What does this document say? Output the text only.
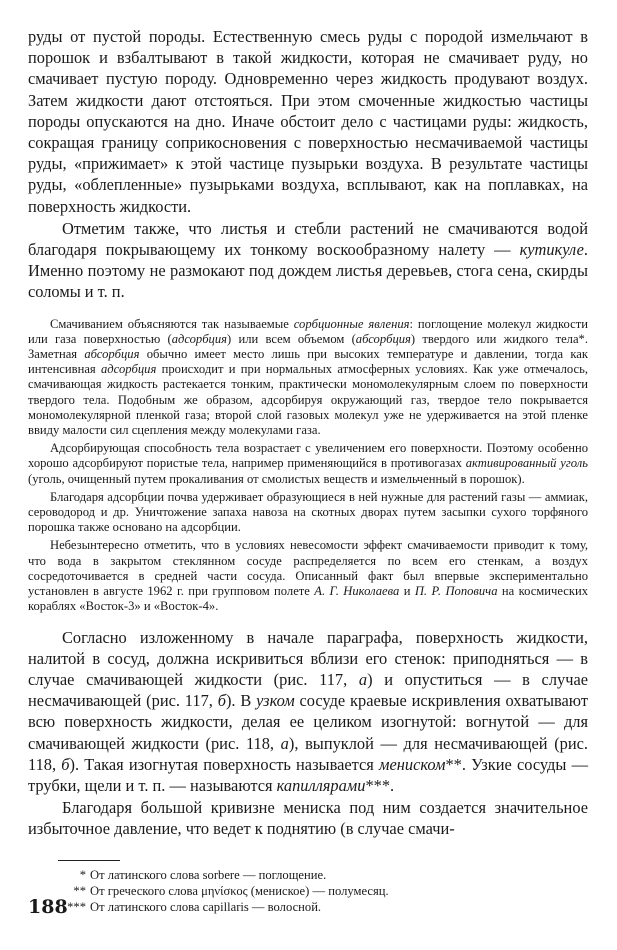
руды от пустой породы. Естественную смесь руды с породой измельчают в порошок и взбалтывают в такой жидкости, которая не смачивает руду, но смачивает пустую породу. Одновременно через жидкость продувают воздух. Затем жидкости дают отстояться. При этом смоченные жидкостью частицы породы опускаются на дно. Иначе обстоит дело с частицами руды: жидкость, сокращая границу соприкосновения с поверхностью несмачиваемой частицы руды, «прижимает» к этой частице пузырьки воздуха. В результате частицы руды, «облепленные» пузырьками воздуха, всплывают, как на поплавках, на поверхность жидкости.

Отметим также, что листья и стебли растений не смачиваются водой благодаря покрывающему их тонкому воскообразному налету — кутикуле. Именно поэтому не размокают под дождем листья деревьев, стога сена, скирды соломы и т. п.

Смачиванием объясняются так называемые сорбционные явления: поглощение молекул жидкости или газа поверхностью (адсорбция) или всем объемом (абсорбция) твердого или жидкого тела*. Заметная абсорбция обычно имеет место лишь при высоких температуре и давлении, тогда как интенсивная адсорбция происходит и при нормальных атмосферных условиях. Как уже отмечалось, смачивающая жидкость растекается тонким, практически мономолекулярным слоем по поверхности твердого тела. Подобным же образом, адсорбируя окружающий газ, твердое тело покрывается мономолекулярной пленкой газа; второй слой газовых молекул уже не удерживается на этой пленке ввиду малости сил сцепления между молекулами газа.

Адсорбирующая способность тела возрастает с увеличением его поверхности. Поэтому особенно хорошо адсорбируют пористые тела, например применяющийся в противогазах активированный уголь (уголь, очищенный путем прокаливания от смолистых веществ и измельченный в порошок).

Благодаря адсорбции почва удерживает образующиеся в ней нужные для растений газы — аммиак, сероводород и др. Уничтожение запаха навоза на скотных дворах путем засыпки сухого торфяного порошка также основано на адсорбции.

Небезынтересно отметить, что в условиях невесомости эффект смачиваемости приводит к тому, что вода в закрытом стеклянном сосуде распределяется по всем его стенкам, а воздух сосредоточивается в средней части сосуда. Описанный факт был впервые экспериментально установлен в августе 1962 г. при групповом полете А. Г. Николаева и П. Р. Поповича на космических кораблях «Восток-3» и «Восток-4».

Согласно изложенному в начале параграфа, поверхность жидкости, налитой в сосуд, должна искривиться вблизи его стенок: приподняться — в случае смачивающей жидкости (рис. 117, а) и опуститься — в случае несмачивающей (рис. 117, б). В узком сосуде краевые искривления охватывают всю поверхность жидкости, делая ее целиком изогнутой: вогнутой — для смачивающей жидкости (рис. 118, а), выпуклой — для несмачивающей (рис. 118, б). Такая изогнутая поверхность называется мениском**. Узкие сосуды — трубки, щели и т. п. — называются капиллярами***.

Благодаря большой кривизне мениска под ним создается значительное избыточное давление, что ведет к поднятию (в случае смачи-

* От латинского слова sorbere — поглощение.

** От греческого слова μηνίσκος (мениское) — полумесяц.

*** От латинского слова capillaris — волосной.

188
